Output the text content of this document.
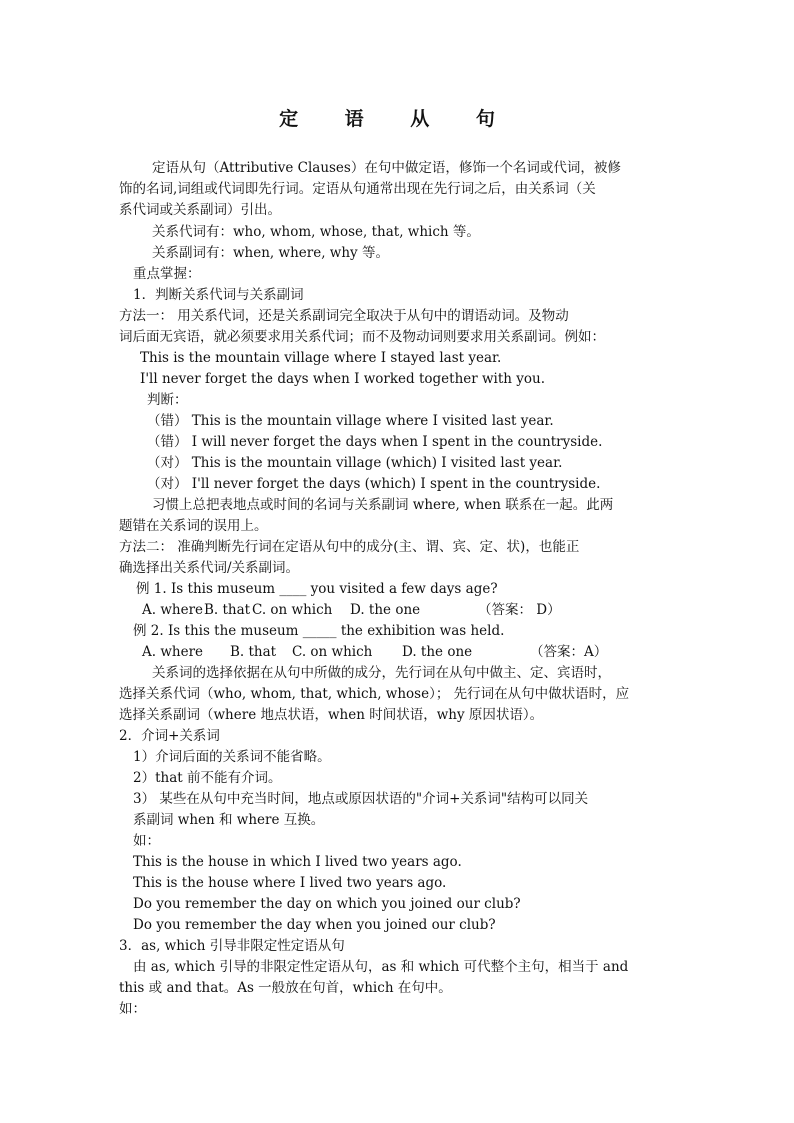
定 语 从 句
定语从句（Attributive Clauses）在句中做定语，修饰一个名词或代词，被修
饰的名词,词组或代词即先行词。定语从句通常出现在先行词之后，由关系词（关
系代词或关系副词）引出。
关系代词有：who, whom, whose, that, which 等。
关系副词有：when, where, why 等。
重点掌握：
1．判断关系代词与关系副词
方法一： 用关系代词，还是关系副词完全取决于从句中的谓语动词。及物动
词后面无宾语，就必须要求用关系代词；而不及物动词则要求用关系副词。例如：
This is the mountain village where I stayed last year.
I'll never forget the days when I worked together with you.
判断：
（错） This is the mountain village where I visited last year.
（错） I will never forget the days when I spent in the countryside.
（对） This is the mountain village (which) I visited last year.
（对） I'll never forget the days (which) I spent in the countryside.
习惯上总把表地点或时间的名词与关系副词 where, when 联系在一起。此两
题错在关系词的误用上。
方法二： 准确判断先行词在定语从句中的成分(主、谓、宾、定、状)，也能正
确选择出关系代词/关系副词。
例 1. Is this museum ____ you visited a few days age?
A. whereB. that C. on which D. the one	（答案： D）
例 2. Is this the museum _____ the exhibition was held.
A. where B. that C. on which D. the one	（答案：A）
关系词的选择依据在从句中所做的成分，先行词在从句中做主、定、宾语时，
选择关系代词（who, whom, that, which, whose）； 先行词在从句中做状语时，应
选择关系副词（where 地点状语，when 时间状语，why 原因状语）。
2．介词+关系词
1）介词后面的关系词不能省略。
2）that 前不能有介词。
3） 某些在从句中充当时间，地点或原因状语的"介词+关系词"结构可以同关
系副词 when 和 where 互换。
如：
This is the house in which I lived two years ago.
This is the house where I lived two years ago.
Do you remember the day on which you joined our club?
Do you remember the day when you joined our club?
3．as, which 引导非限定性定语从句
由 as, which 引导的非限定性定语从句，as 和 which 可代整个主句，相当于 and
this 或 and that。As 一般放在句首，which 在句中。
如：
